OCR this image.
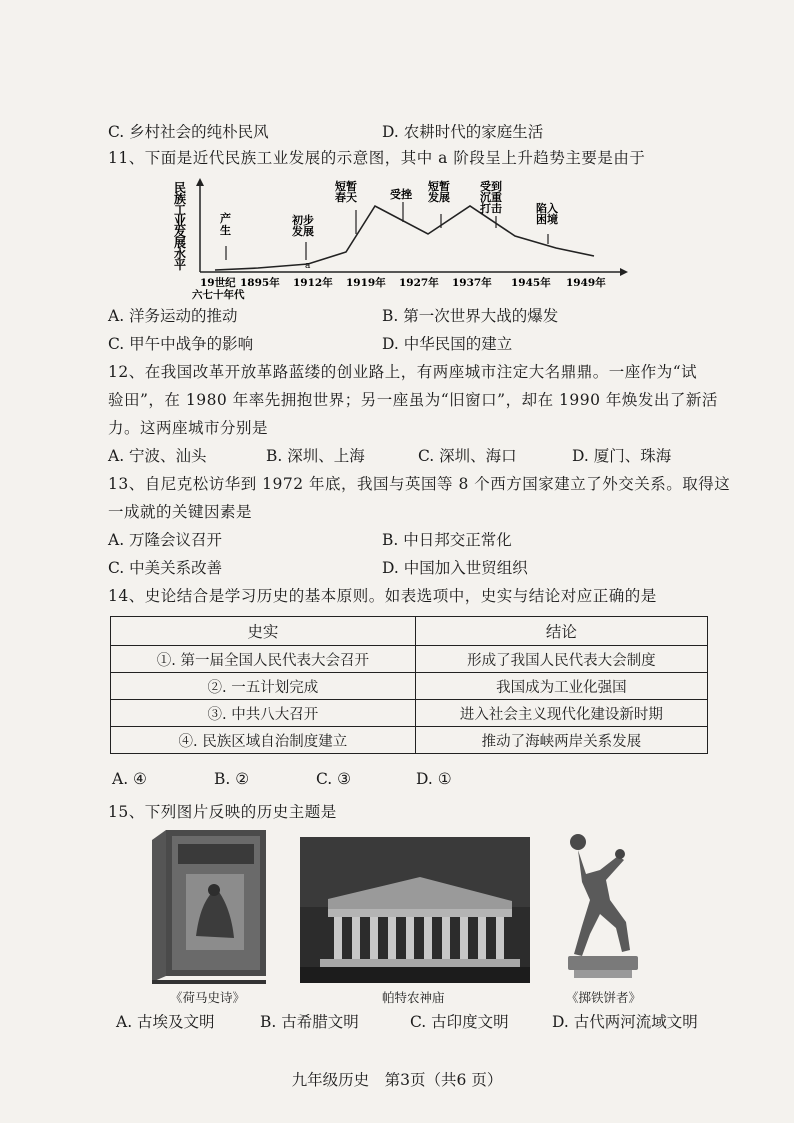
C. 乡村社会的纯朴民风	D. 农耕时代的家庭生活
11、下面是近代民族工业发展的示意图，其中 a 阶段呈上升趋势主要是由于
民族工业发展水平
产生
初步发展
短暂春天	受挫
短暂发展
受到沉重打击	陷入困境
a
19世纪 1895年 1912年 1919年 1927年 1937年 1945年 1949年
六七十年代
A. 洋务运动的推动	B. 第一次世界大战的爆发
C. 甲午中战争的影响	D. 中华民国的建立
12、在我国改革开放革路蓝缕的创业路上，有两座城市注定大名鼎鼎。一座作为“试
验田”，在 1980 年率先拥抱世界；另一座虽为“旧窗口”，却在 1990 年焕发出了新活
力。这两座城市分别是
A. 宁波、汕头	B. 深圳、上海	C. 深圳、海口	D. 厦门、珠海
13、自尼克松访华到 1972 年底，我国与英国等 8 个西方国家建立了外交关系。取得这
一成就的关键因素是
A. 万隆会议召开	B. 中日邦交正常化
C. 中美关系改善	D. 中国加入世贸组织
14、史论结合是学习历史的基本原则。如表选项中，史实与结论对应正确的是
史实	结论
①. 第一届全国人民代表大会召开	形成了我国人民代表大会制度
②. 一五计划完成	我国成为工业化强国
③. 中共八大召开	进入社会主义现代化建设新时期
④. 民族区域自治制度建立	推动了海峡两岸关系发展
A. ④	B. ②	C. ③	D. ①
15、下列图片反映的历史主题是
《荷马史诗》	帕特农神庙	《掷铁饼者》
A. 古埃及文明	B. 古希腊文明	C. 古印度文明	D. 古代两河流域文明
九年级历史　第3页（共6 页）
